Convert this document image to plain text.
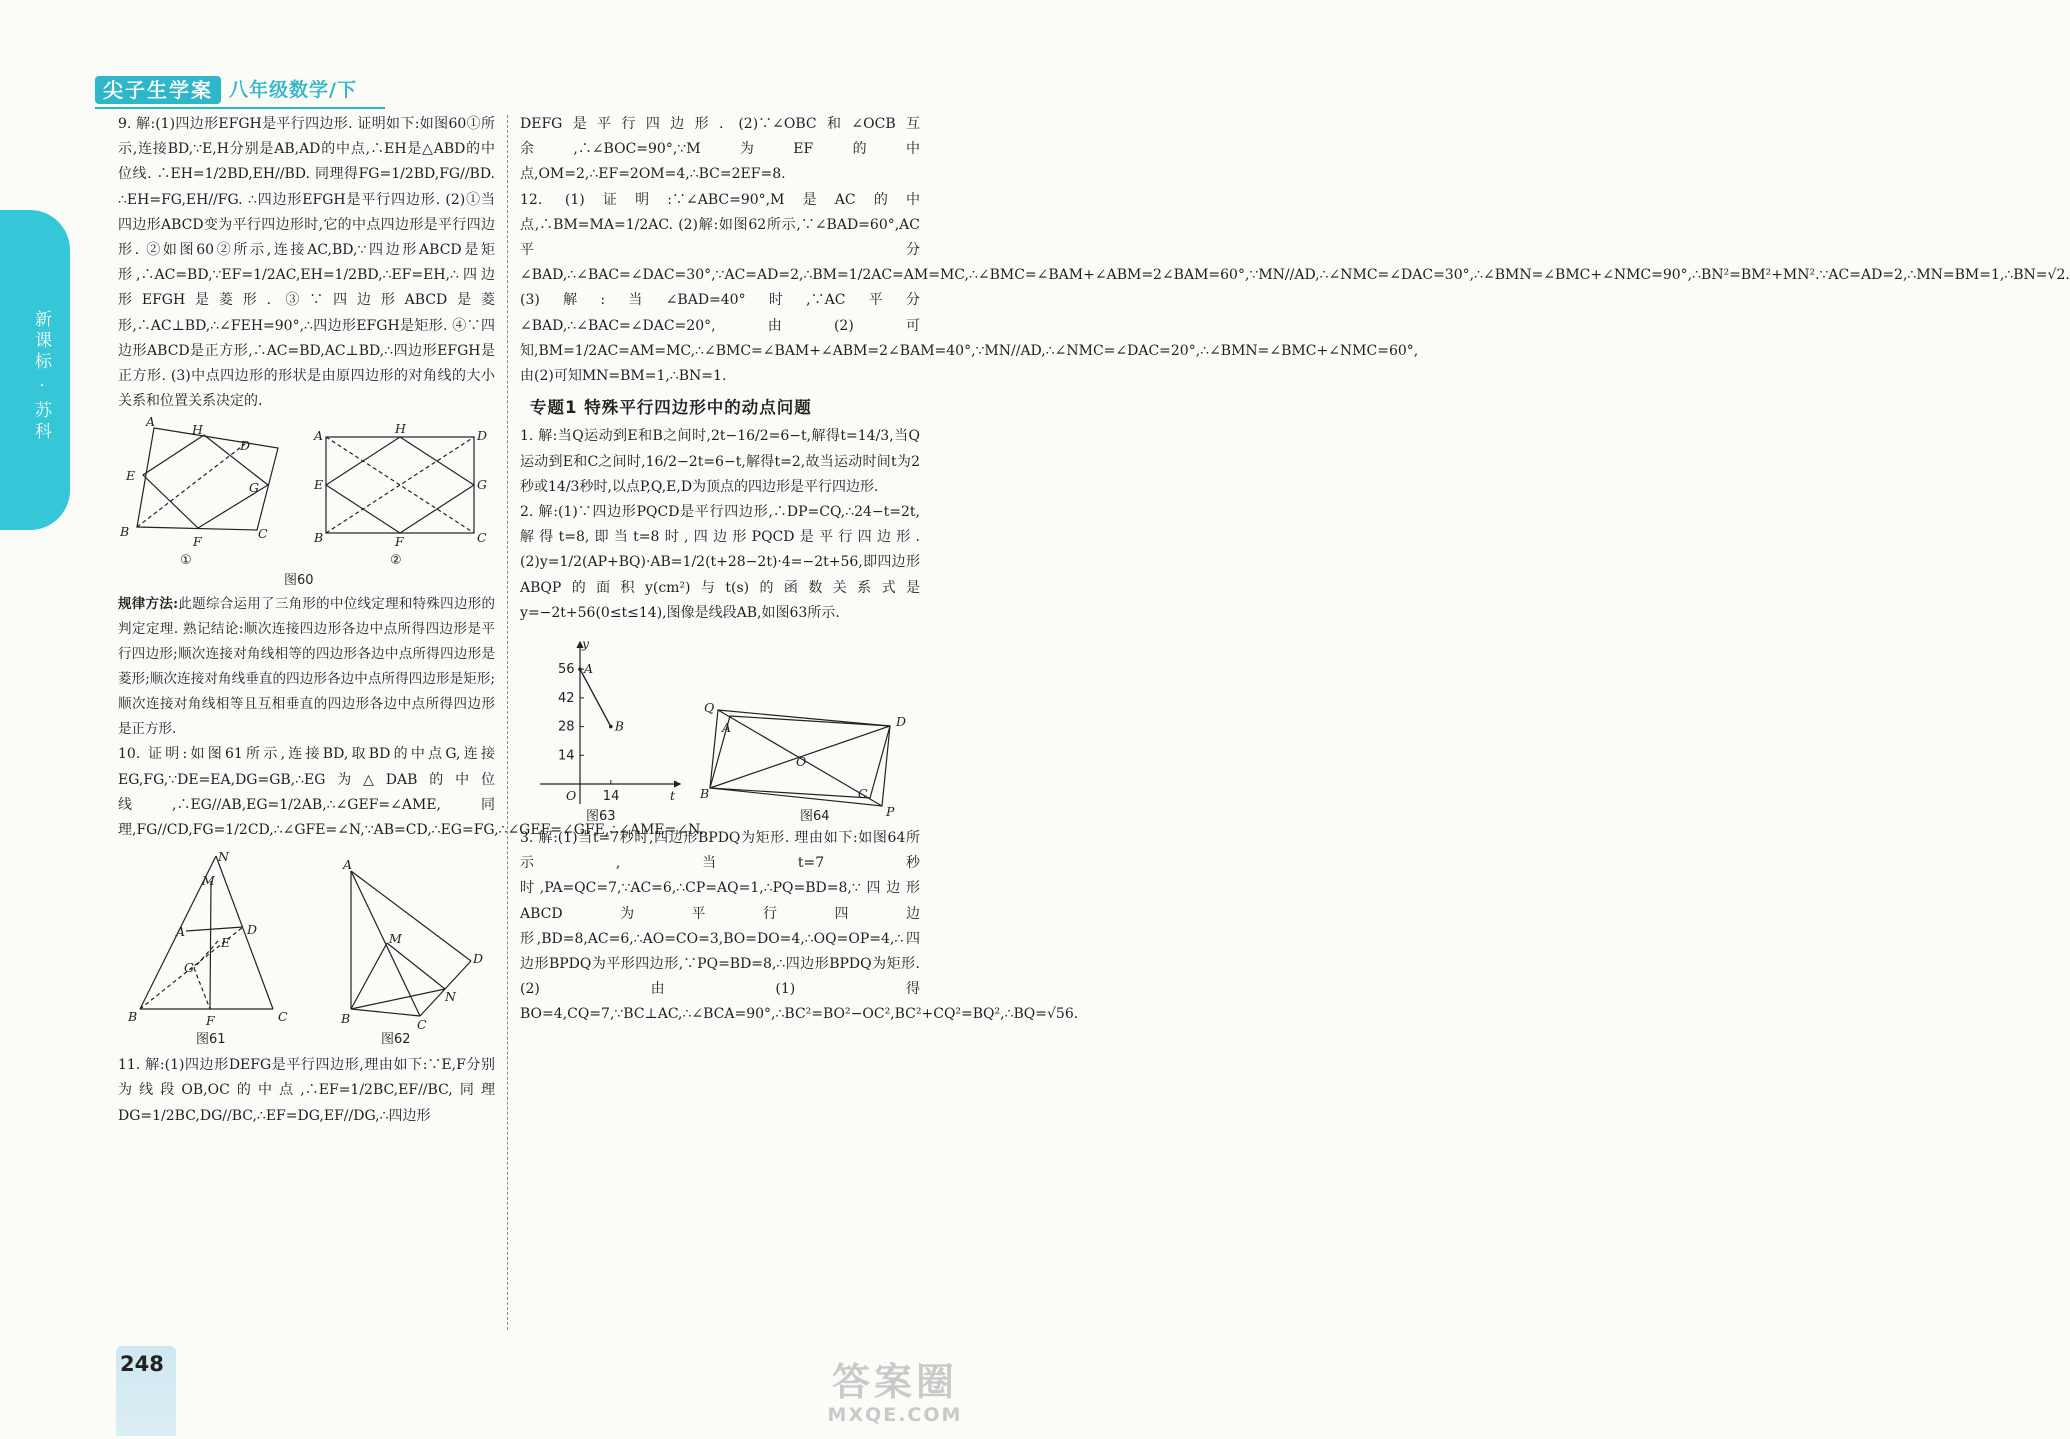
尖子生学案 八年级数学/下
新课标 · 苏科

9. 解:(1)四边形EFGH是平行四边形. 证明如下:如图60①所示,连接BD,∵E,H分别是AB,AD的中点,∴EH是△ABD的中位线. ∴EH=1/2BD,EH//BD. 同理得FG=1/2BD,FG//BD. ∴EH=FG,EH//FG. ∴四边形EFGH是平行四边形. (2)①当四边形ABCD变为平行四边形时,它的中点四边形是平行四边形. ②如图60②所示,连接AC,BD,∵四边形ABCD是矩形,∴AC=BD,∵EF=1/2AC,EH=1/2BD,∴EF=EH,∴四边形EFGH是菱形. ③∵四边形ABCD是菱形,∴AC⊥BD,∴∠FEH=90°,∴四边形EFGH是矩形. ④∵四边形ABCD是正方形,∴AC=BD,AC⊥BD,∴四边形EFGH是正方形. (3)中点四边形的形状是由原四边形的对角线的大小关系和位置关系决定的.

A
H
D
E
G
B
F
C
①
A	H	D
E	G
B	F	C
②
图60

规律方法:此题综合运用了三角形的中位线定理和特殊四边形的判定定理. 熟记结论:顺次连接四边形各边中点所得四边形是平行四边形;顺次连接对角线相等的四边形各边中点所得四边形是菱形;顺次连接对角线垂直的四边形各边中点所得四边形是矩形;顺次连接对角线相等且互相垂直的四边形各边中点所得四边形是正方形.

10. 证明:如图61所示,连接BD,取BD的中点G,连接EG,FG,∵DE=EA,DG=GB,∴EG为△DAB的中位线,∴EG//AB,EG=1/2AB,∴∠GEF=∠AME,同理,FG//CD,FG=1/2CD,∴∠GFE=∠N,∵AB=CD,∴EG=FG,∴∠GEF=∠GFE,∴∠AME=∠N.

N
M
A	D
E
G
B	F	C
图61
A
M
D
N
B	C
图62

11. 解:(1)四边形DEFG是平行四边形,理由如下:∵E,F分别为线段OB,OC的中点,∴EF=1/2BC,EF//BC,同理DG=1/2BC,DG//BC,∴EF=DG,EF//DG,∴四边形

DEFG是平行四边形. (2)∵∠OBC和∠OCB互余,∴∠BOC=90°,∵M为EF的中点,OM=2,∴EF=2OM=4,∴BC=2EF=8.

12. (1)证明:∵∠ABC=90°,M是AC的中点,∴BM=MA=1/2AC. (2)解:如图62所示,∵∠BAD=60°,AC平分∠BAD,∴∠BAC=∠DAC=30°,∵AC=AD=2,∴BM=1/2AC=AM=MC,∴∠BMC=∠BAM+∠ABM=2∠BAM=60°,∵MN//AD,∴∠NMC=∠DAC=30°,∴∠BMN=∠BMC+∠NMC=90°,∴BN²=BM²+MN².∵AC=AD=2,∴MN=BM=1,∴BN=√2. (3)解:当∠BAD=40°时,∵AC平分∠BAD,∴∠BAC=∠DAC=20°,由(2)可知,BM=1/2AC=AM=MC,∴∠BMC=∠BAM+∠ABM=2∠BAM=40°,∵MN//AD,∴∠NMC=∠DAC=20°,∴∠BMN=∠BMC+∠NMC=60°,由(2)可知MN=BM=1,∴BN=1.

专题1 特殊平行四边形中的动点问题

1. 解:当Q运动到E和B之间时,2t−16/2=6−t,解得t=14/3,当Q运动到E和C之间时,16/2−2t=6−t,解得t=2,故当运动时间t为2秒或14/3秒时,以点P,Q,E,D为顶点的四边形是平行四边形.

2. 解:(1)∵四边形PQCD是平行四边形,∴DP=CQ,∴24−t=2t,解得t=8,即当t=8时,四边形PQCD是平行四边形. (2)y=1/2(AP+BQ)·AB=1/2(t+28−2t)·4=−2t+56,即四边形ABQP的面积y(cm²)与t(s)的函数关系式是y=−2t+56(0≤t≤14),图像是线段AB,如图63所示.

y
t
O
14
28
42
56
14
A
B
图63
Q
A	D
O
B	C
P
图64

3. 解:(1)当t=7秒时,四边形BPDQ为矩形. 理由如下:如图64所示,当t=7秒时,PA=QC=7,∵AC=6,∴CP=AQ=1,∴PQ=BD=8,∵四边形ABCD为平行四边形,BD=8,AC=6,∴AO=CO=3,BO=DO=4,∴OQ=OP=4,∴四边形BPDQ为平形四边形,∵PQ=BD=8,∴四边形BPDQ为矩形. (2)由(1)得BO=4,CQ=7,∵BC⊥AC,∴∠BCA=90°,∴BC²=BO²−OC²,BC²+CQ²=BQ²,∴BQ=√56.

248	答案圈
MXQE.COM
